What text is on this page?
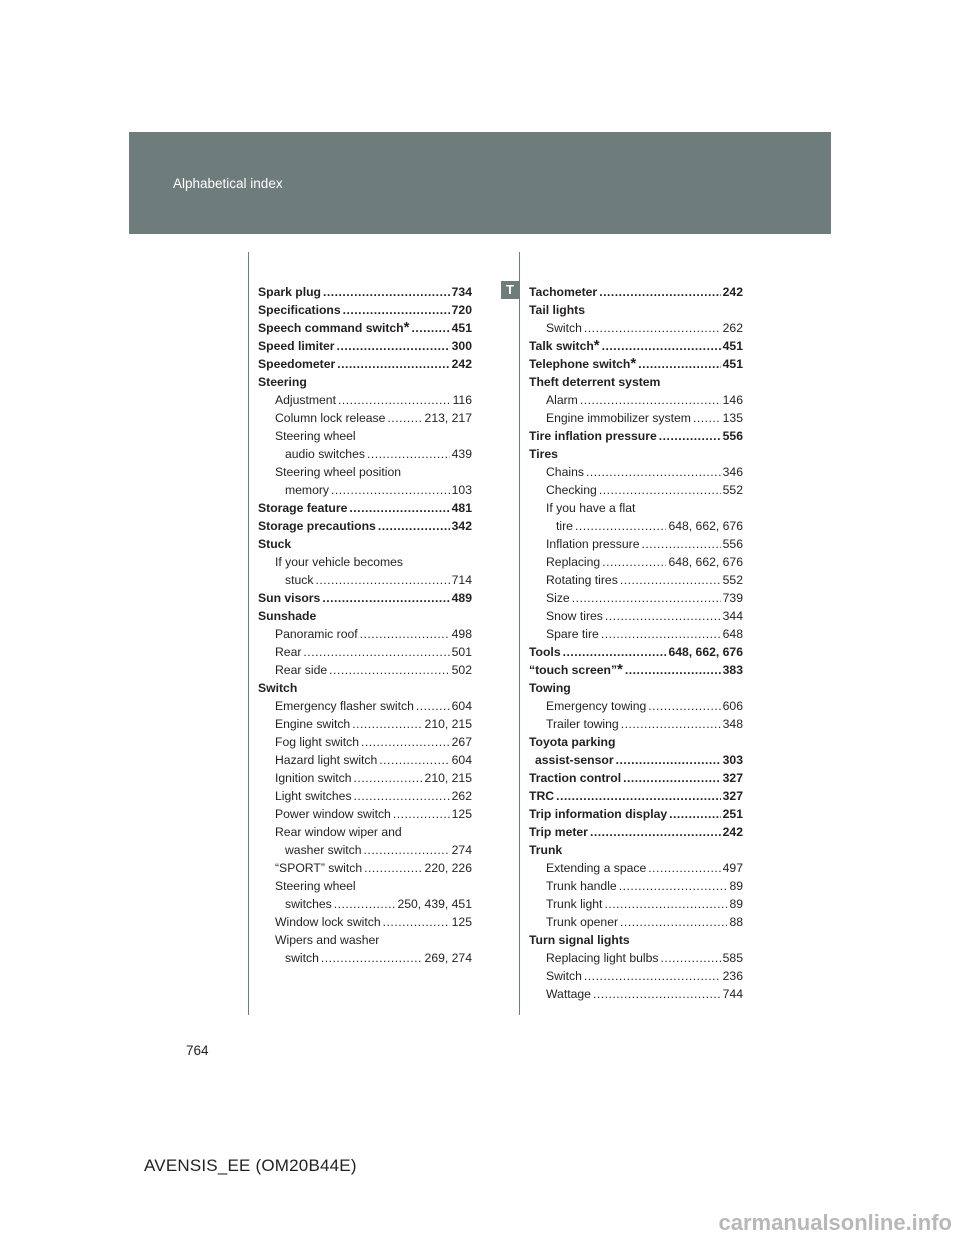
Alphabetical index
Spark plug .....	734
Specifications .....	720
Speech command switch * .....	451
Speed limiter .....	300
Speedometer .....	242
Steering
Adjustment .....	116
Column lock release .....	213, 217
Steering wheel
audio switches .....	439
Steering wheel position
memory .....	103
Storage feature .....	481
Storage precautions .....	342
Stuck
If your vehicle becomes
stuck .....	714
Sun visors .....	489
Sunshade
Panoramic roof .....	498
Rear .....	501
Rear side .....	502
Switch
Emergency flasher switch .....	604
Engine switch .....	210, 215
Fog light switch .....	267
Hazard light switch .....	604
Ignition switch .....	210, 215
Light switches .....	262
Power window switch .....	125
Rear window wiper and
washer switch .....	274
“SPORT” switch .....	220, 226
Steering wheel
switches .....	250, 439, 451
Window lock switch .....	125
Wipers and washer
switch .....	269, 274
T	Tachometer .....	242
Tail lights
Switch .....	262
Talk switch * .....	451
Telephone switch * .....	451
Theft deterrent system
Alarm .....	146
Engine immobilizer system .....	135
Tire inflation pressure .....	556
Tires
Chains .....	346
Checking .....	552
If you have a flat
tire .....	648, 662, 676
Inflation pressure .....	556
Replacing .....	648, 662, 676
Rotating tires .....	552
Size .....	739
Snow tires .....	344
Spare tire .....	648
Tools .....	648, 662, 676
“touch screen” * .....	383
Towing
Emergency towing .....	606
Trailer towing .....	348
Toyota parking
assist-sensor .....	303
Traction control .....	327
TRC .....	327
Trip information display .....	251
Trip meter .....	242
Trunk
Extending a space .....	497
Trunk handle .....	89
Trunk light .....	89
Trunk opener .....	88
Turn signal lights
Replacing light bulbs .....	585
Switch .....	236
Wattage .....	744
764
AVENSIS_EE (OM20B44E)
carmanualsonline.info
